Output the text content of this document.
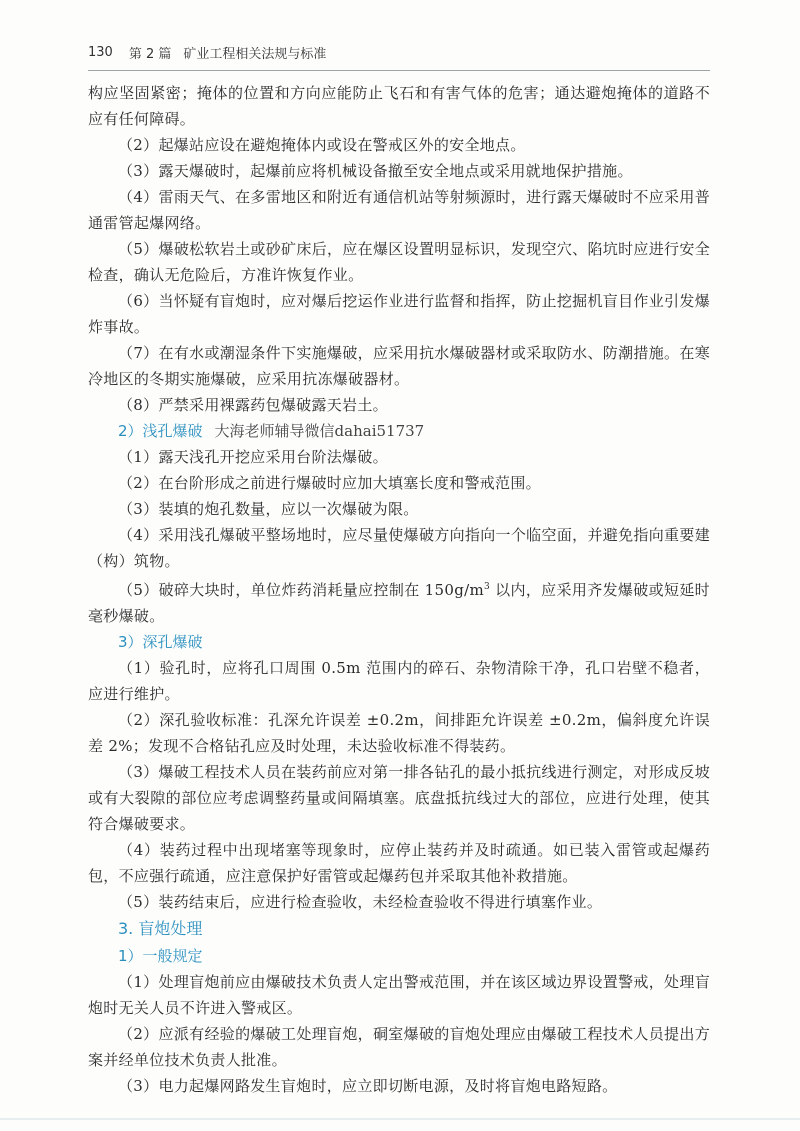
130 第 2 篇 矿业工程相关法规与标准

构应坚固紧密；掩体的位置和方向应能防止飞石和有害气体的危害；通达避炮掩体的道路不应有任何障碍。

（2）起爆站应设在避炮掩体内或设在警戒区外的安全地点。

（3）露天爆破时，起爆前应将机械设备撤至安全地点或采用就地保护措施。

（4）雷雨天气、在多雷地区和附近有通信机站等射频源时，进行露天爆破时不应采用普通雷管起爆网络。

（5）爆破松软岩土或砂矿床后，应在爆区设置明显标识，发现空穴、陷坑时应进行安全检查，确认无危险后，方准许恢复作业。

（6）当怀疑有盲炮时，应对爆后挖运作业进行监督和指挥，防止挖掘机盲目作业引发爆炸事故。

（7）在有水或潮湿条件下实施爆破，应采用抗水爆破器材或采取防水、防潮措施。在寒冷地区的冬期实施爆破，应采用抗冻爆破器材。

（8）严禁采用裸露药包爆破露天岩土。

2）浅孔爆破 大海老师辅导微信dahai51737

（1）露天浅孔开挖应采用台阶法爆破。

（2）在台阶形成之前进行爆破时应加大填塞长度和警戒范围。

（3）装填的炮孔数量，应以一次爆破为限。

（4）采用浅孔爆破平整场地时，应尽量使爆破方向指向一个临空面，并避免指向重要建（构）筑物。

（5）破碎大块时，单位炸药消耗量应控制在 $150g/m^3$ 以内，应采用齐发爆破或短延时毫秒爆破。

3）深孔爆破

（1）验孔时，应将孔口周围 0.5m 范围内的碎石、杂物清除干净，孔口岩壁不稳者，应进行维护。

（2）深孔验收标准：孔深允许误差 ±0.2m，间排距允许误差 ±0.2m，偏斜度允许误差 2%；发现不合格钻孔应及时处理，未达验收标准不得装药。

（3）爆破工程技术人员在装药前应对第一排各钻孔的最小抵抗线进行测定，对形成反坡或有大裂隙的部位应考虑调整药量或间隔填塞。底盘抵抗线过大的部位，应进行处理，使其符合爆破要求。

（4）装药过程中出现堵塞等现象时，应停止装药并及时疏通。如已装入雷管或起爆药包，不应强行疏通，应注意保护好雷管或起爆药包并采取其他补救措施。

（5）装药结束后，应进行检查验收，未经检查验收不得进行填塞作业。

3. 盲炮处理
1）一般规定

（1）处理盲炮前应由爆破技术负责人定出警戒范围，并在该区域边界设置警戒，处理盲炮时无关人员不许进入警戒区。

（2）应派有经验的爆破工处理盲炮，硐室爆破的盲炮处理应由爆破工程技术人员提出方案并经单位技术负责人批准。

（3）电力起爆网路发生盲炮时，应立即切断电源，及时将盲炮电路短路。
